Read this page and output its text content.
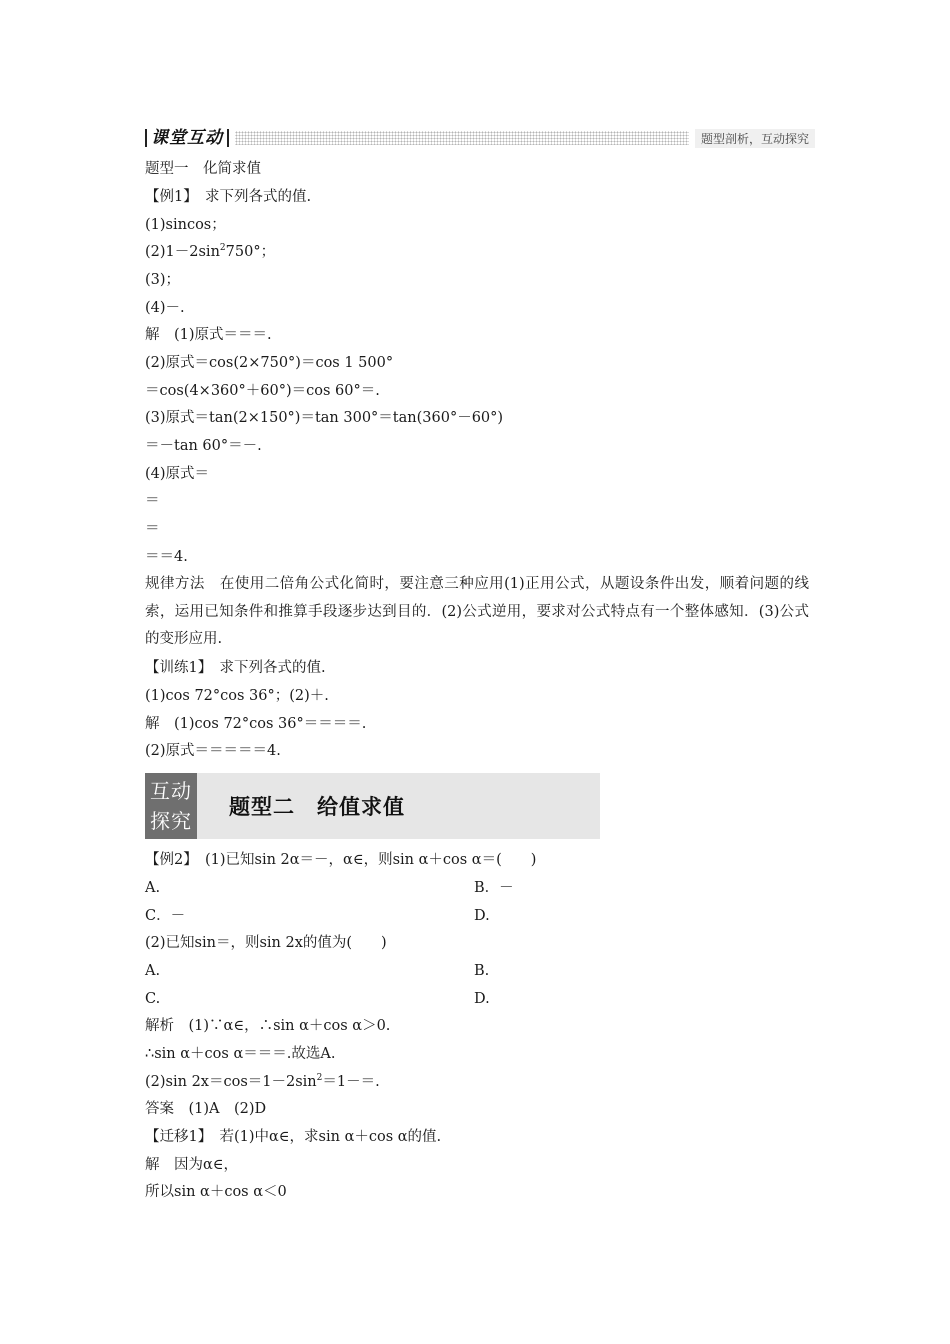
课堂互动	题型剖析，互动探究
题型一　化简求值
【例1】　求下列各式的值.
(1)sincos；
$(2)1-2\sin^2750^\circ$；
(3)；
(4)－.
解　(1)原式＝＝＝.
(2)原式＝cos(2×750°)＝cos 1 500°
＝cos(4×360°＋60°)＝cos 60°＝.
(3)原式＝tan(2×150°)＝tan 300°＝tan(360°－60°)
＝－tan 60°＝－.
(4)原式＝
＝
＝
＝＝4.
规律方法　在使用二倍角公式化简时，要注意三种应用(1)正用公式，从题设条件出发，顺着问题的线索，运用已知条件和推算手段逐步达到目的．(2)公式逆用，要求对公式特点有一个整体感知．(3)公式的变形应用.
【训练1】　求下列各式的值.
(1)cos 72°cos 36°；(2)＋.
解　(1)cos 72°cos 36°＝＝＝＝.
(2)原式＝＝＝＝＝4.
互动
探究
题型二　给值求值
【例2】　(1)已知sin 2α＝－，α∈，则sin α＋cos α＝(　　)
A.	B．－
C．－	D.
(2)已知sin＝，则sin 2x的值为(　　)
A.	B.
C.	D.
解析　(1)∵α∈，∴sin α＋cos α＞0.
∴sin α＋cos α＝＝＝.故选A.
(2)sin $2x=\cos=1-2\sin^2=1-=$.
答案　(1)A　(2)D
【迁移1】　若(1)中α∈，求sin α＋cos α的值.
解　因为α∈，
所以sin α＋cos α＜0
